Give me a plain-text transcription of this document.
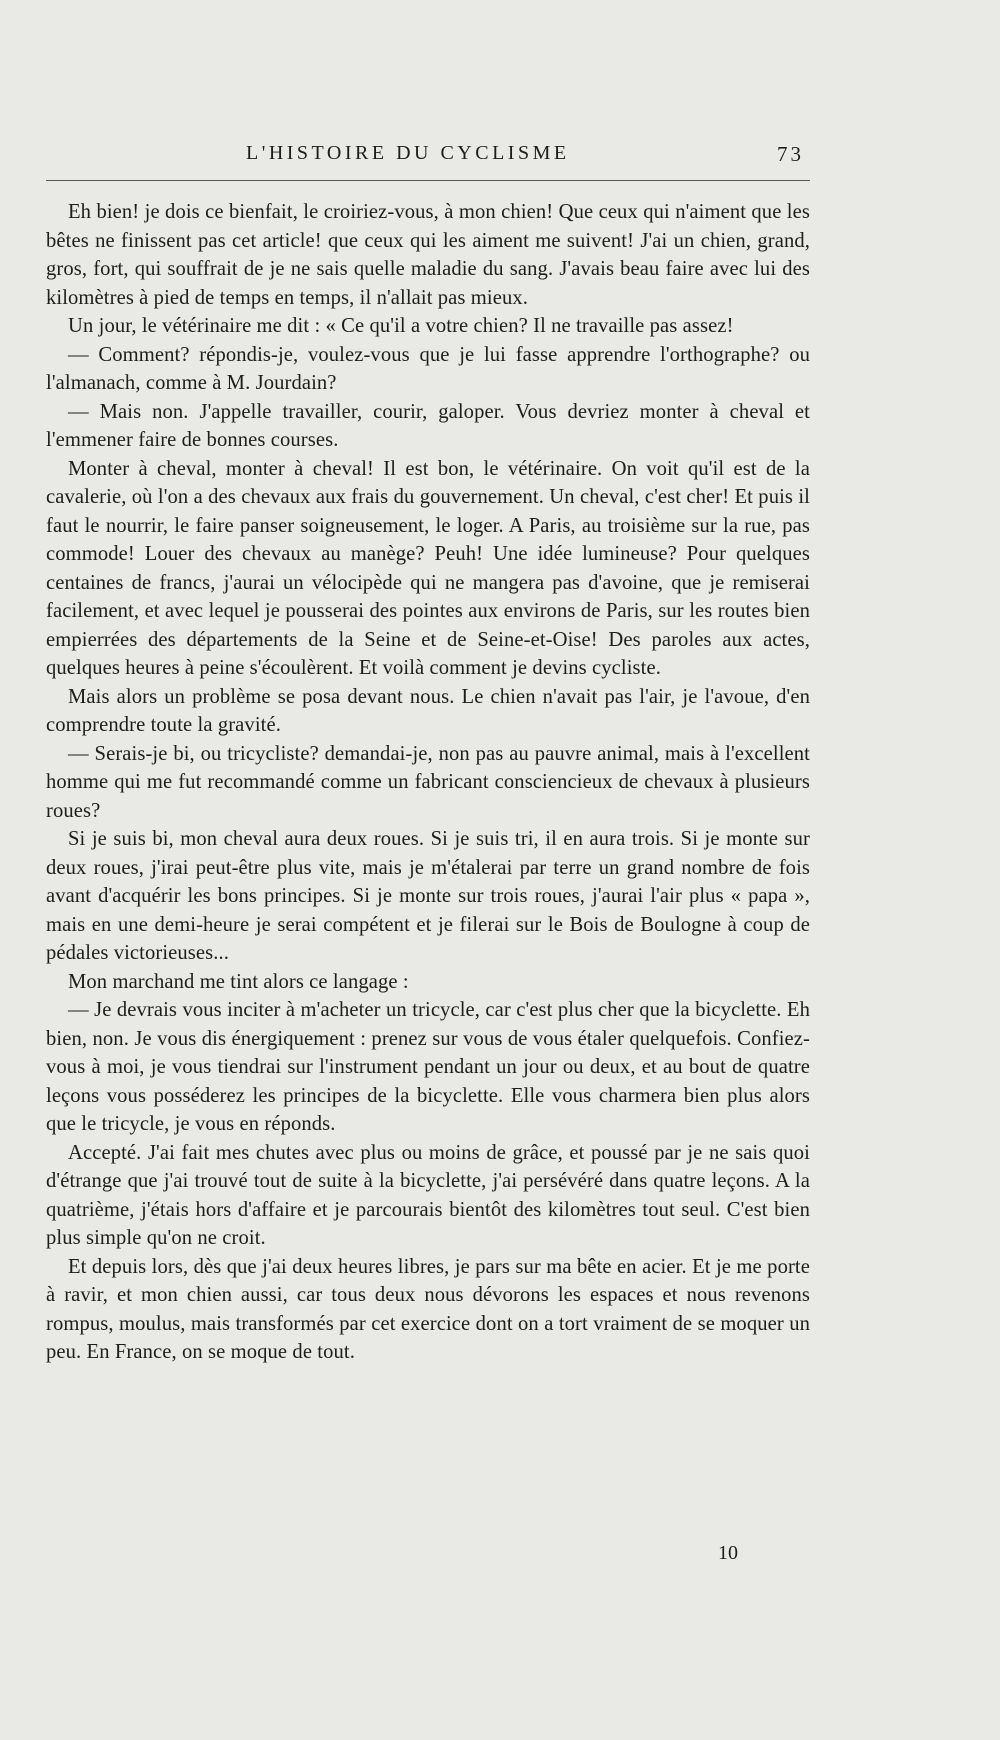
L'HISTOIRE DU CYCLISME	73

Eh bien! je dois ce bienfait, le croiriez-vous, à mon chien! Que ceux qui n'aiment que les bêtes ne finissent pas cet article! que ceux qui les aiment me suivent! J'ai un chien, grand, gros, fort, qui souffrait de je ne sais quelle maladie du sang. J'avais beau faire avec lui des kilomètres à pied de temps en temps, il n'allait pas mieux.

Un jour, le vétérinaire me dit : « Ce qu'il a votre chien? Il ne travaille pas assez!

— Comment? répondis-je, voulez-vous que je lui fasse apprendre l'orthographe? ou l'almanach, comme à M. Jourdain?

— Mais non. J'appelle travailler, courir, galoper. Vous devriez monter à cheval et l'emmener faire de bonnes courses.

Monter à cheval, monter à cheval! Il est bon, le vétérinaire. On voit qu'il est de la cavalerie, où l'on a des chevaux aux frais du gouvernement. Un cheval, c'est cher! Et puis il faut le nourrir, le faire panser soigneusement, le loger. A Paris, au troisième sur la rue, pas commode! Louer des chevaux au manège? Peuh! Une idée lumineuse? Pour quelques centaines de francs, j'aurai un vélocipède qui ne mangera pas d'avoine, que je remiserai facilement, et avec lequel je pousserai des pointes aux environs de Paris, sur les routes bien empierrées des départements de la Seine et de Seine-et-Oise! Des paroles aux actes, quelques heures à peine s'écoulèrent. Et voilà comment je devins cycliste.

Mais alors un problème se posa devant nous. Le chien n'avait pas l'air, je l'avoue, d'en comprendre toute la gravité.

— Serais-je bi, ou tricycliste? demandai-je, non pas au pauvre animal, mais à l'excellent homme qui me fut recommandé comme un fabricant consciencieux de chevaux à plusieurs roues?

Si je suis bi, mon cheval aura deux roues. Si je suis tri, il en aura trois. Si je monte sur deux roues, j'irai peut-être plus vite, mais je m'étalerai par terre un grand nombre de fois avant d'acquérir les bons principes. Si je monte sur trois roues, j'aurai l'air plus « papa », mais en une demi-heure je serai compétent et je filerai sur le Bois de Boulogne à coup de pédales victorieuses...

Mon marchand me tint alors ce langage :

— Je devrais vous inciter à m'acheter un tricycle, car c'est plus cher que la bicyclette. Eh bien, non. Je vous dis énergiquement : prenez sur vous de vous étaler quelquefois. Confiez-vous à moi, je vous tiendrai sur l'instrument pendant un jour ou deux, et au bout de quatre leçons vous posséderez les principes de la bicyclette. Elle vous charmera bien plus alors que le tricycle, je vous en réponds.

Accepté. J'ai fait mes chutes avec plus ou moins de grâce, et poussé par je ne sais quoi d'étrange que j'ai trouvé tout de suite à la bicyclette, j'ai persévéré dans quatre leçons. A la quatrième, j'étais hors d'affaire et je parcourais bientôt des kilomètres tout seul. C'est bien plus simple qu'on ne croit.

Et depuis lors, dès que j'ai deux heures libres, je pars sur ma bête en acier. Et je me porte à ravir, et mon chien aussi, car tous deux nous dévorons les espaces et nous revenons rompus, moulus, mais transformés par cet exercice dont on a tort vraiment de se moquer un peu. En France, on se moque de tout.

10
